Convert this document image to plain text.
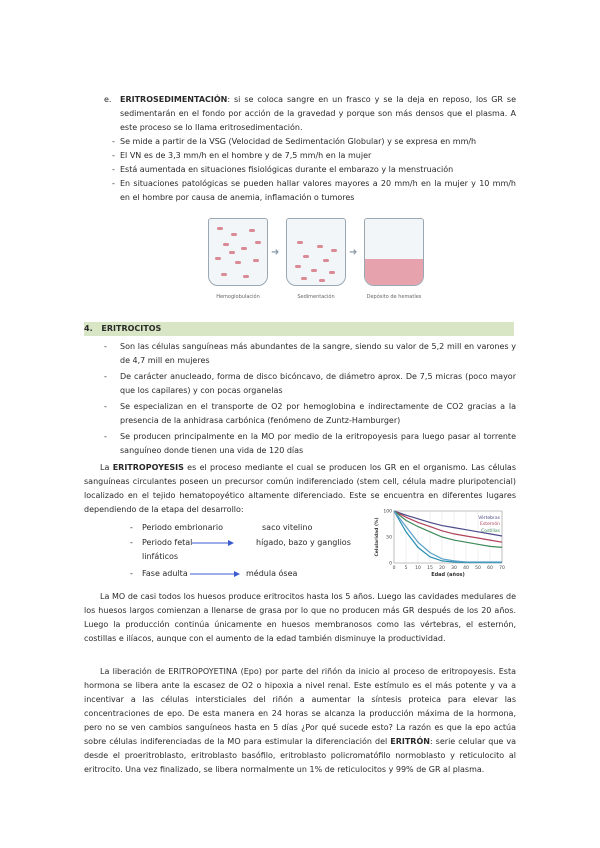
e. ERITROSEDIMENTACIÓN: si se coloca sangre en un frasco y se la deja en reposo, los GR se sedimentarán en el fondo por acción de la gravedad y porque son más densos que el plasma. A este proceso se lo llama eritrosedimentación.

- Se mide a partir de la VSG (Velocidad de Sedimentación Globular) y se expresa en mm/h
- El VN es de 3,3 mm/h en el hombre y de 7,5 mm/h en la mujer
- Está aumentada en situaciones fisiológicas durante el embarazo y la menstruación
- En situaciones patológicas se pueden hallar valores mayores a 20 mm/h en la mujer y 10 mm/h en el hombre por causa de anemia, inflamación o tumores
➜	➜
Hemoglobulación	Sedimentación	Depósito de hematíes
4. ERITROCITOS
- Son las células sanguíneas más abundantes de la sangre, siendo su valor de 5,2 mill en varones y de 4,7 mill en mujeres
- De carácter anucleado, forma de disco bicóncavo, de diámetro aprox. De 7,5 micras (poco mayor que los capilares) y con pocas organelas
- Se especializan en el transporte de O2 por hemoglobina e indirectamente de CO2 gracias a la presencia de la anhidrasa carbónica (fenómeno de Zuntz-Hamburger)
- Se producen principalmente en la MO por medio de la eritropoyesis para luego pasar al torrente sanguíneo donde tienen una vida de 120 días

La ERITROPOYESIS es el proceso mediante el cual se producen los GR en el organismo. Las células sanguíneas circulantes poseen un precursor común indiferenciado (stem cell, célula madre pluripotencial) localizado en el tejido hematopoyético altamente diferenciado. Este se encuentra en diferentes lugares dependiendo de la etapa del desarrollo:

- Periodo embrionario	saco vitelino
- Periodo fetal	hígado, bazo y ganglios
linfáticos
- Fase adulta	médula ósea
0 5 10 15 20 30 40 50 60 70
100
50
0
Edad (años)
Celularidad (%)	Vértebras
Esternón
Costillas

La MO de casi todos los huesos produce eritrocitos hasta los 5 años. Luego las cavidades medulares de los huesos largos comienzan a llenarse de grasa por lo que no producen más GR después de los 20 años. Luego la producción continúa únicamente en huesos membranosos como las vértebras, el esternón, costillas e ilíacos, aunque con el aumento de la edad también disminuye la productividad.

La liberación de ERITROPOYETINA (Epo) por parte del riñón da inicio al proceso de eritropoyesis. Esta hormona se libera ante la escasez de O2 o hipoxia a nivel renal. Este estímulo es el más potente y va a incentivar a las células intersticiales del riñón a aumentar la síntesis proteica para elevar las concentraciones de epo. De esta manera en 24 horas se alcanza la producción máxima de la hormona, pero no se ven cambios sanguíneos hasta en 5 días ¿Por qué sucede esto? La razón es que la epo actúa sobre células indiferenciadas de la MO para estimular la diferenciación del ERITRÓN: serie celular que va desde el proeritroblasto, eritroblasto basófilo, eritroblasto policromatófilo normoblasto y reticulocito al eritrocito. Una vez finalizado, se libera normalmente un 1% de reticulocitos y 99% de GR al plasma.
